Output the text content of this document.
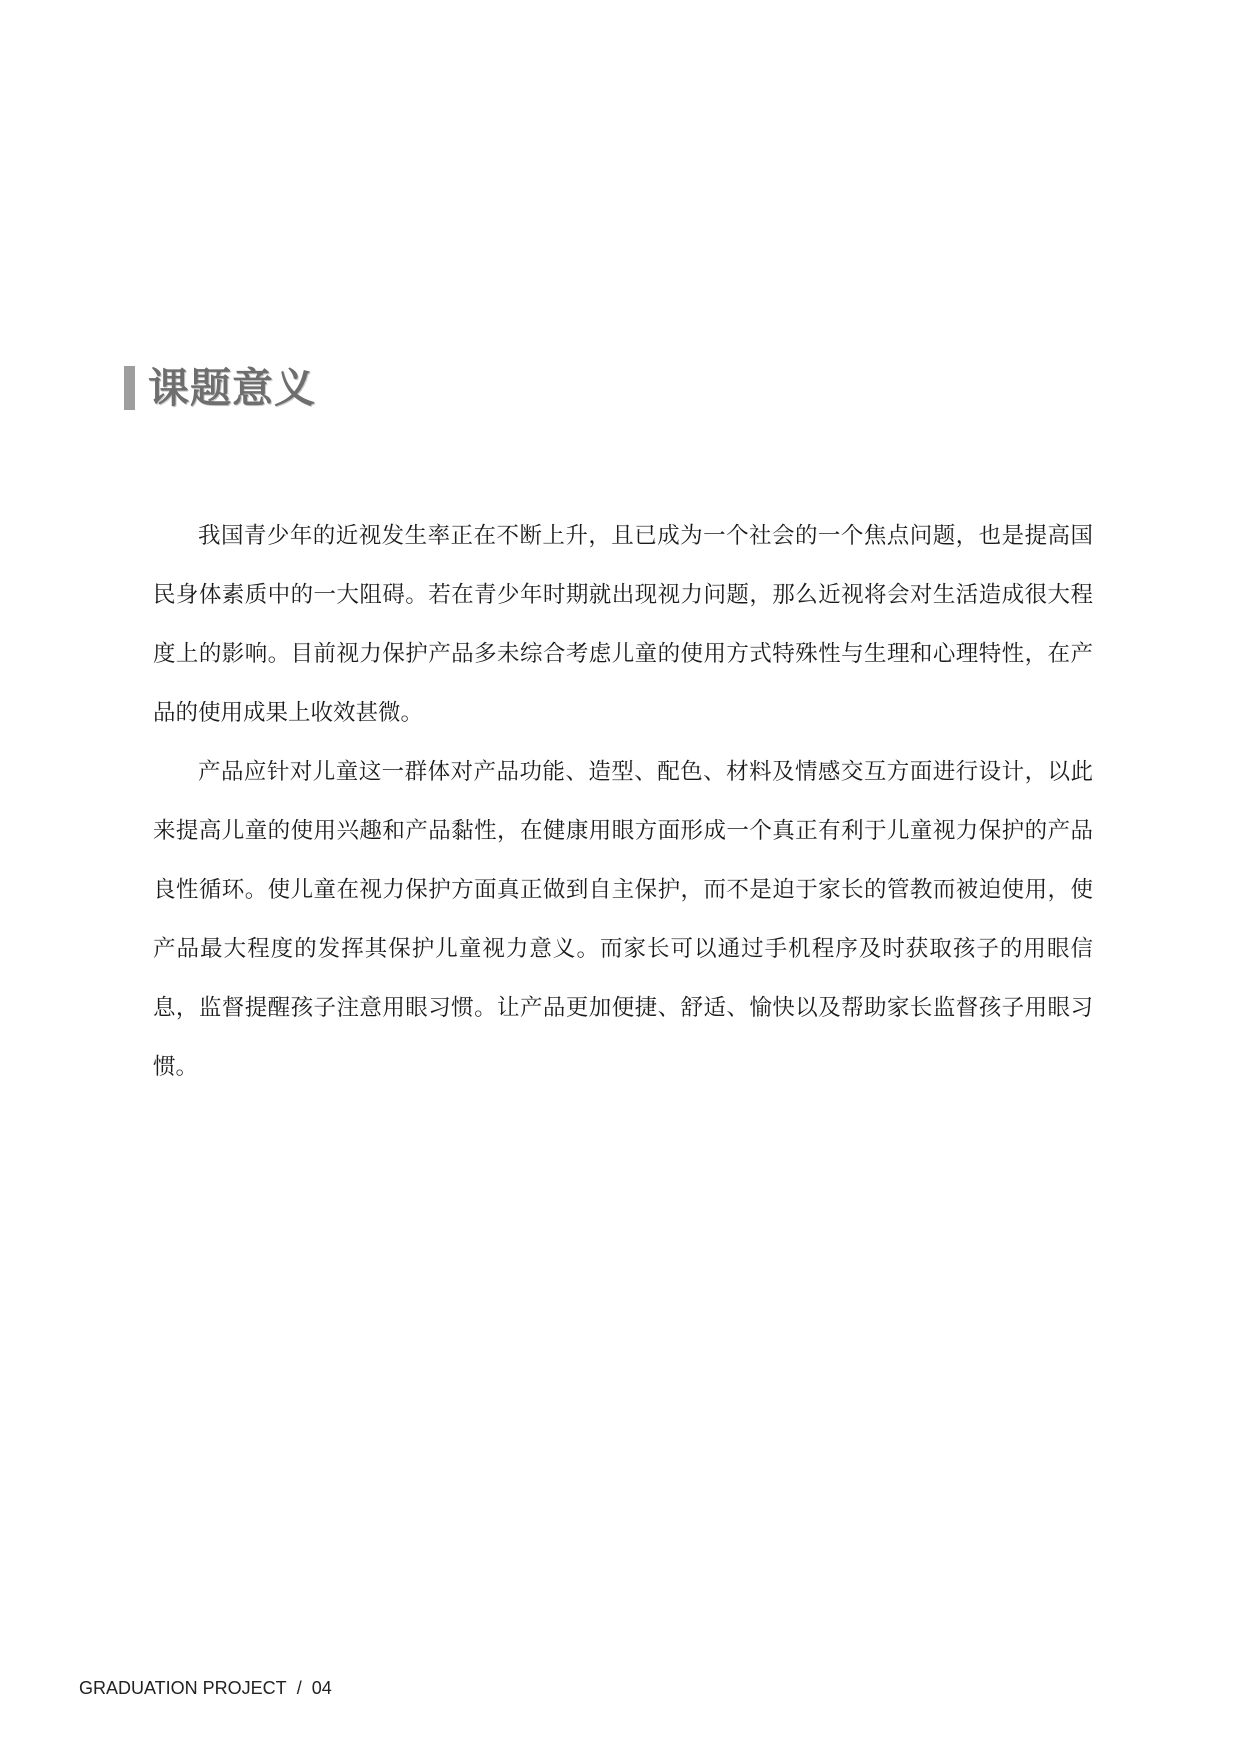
课题意义

我国青少年的近视发生率正在不断上升，且已成为一个社会的一个焦点问题，也是提高国民身体素质中的一大阻碍。若在青少年时期就出现视力问题，那么近视将会对生活造成很大程度上的影响。目前视力保护产品多未综合考虑儿童的使用方式特殊性与生理和心理特性，在产品的使用成果上收效甚微。

产品应针对儿童这一群体对产品功能、造型、配色、材料及情感交互方面进行设计，以此来提高儿童的使用兴趣和产品黏性，在健康用眼方面形成一个真正有利于儿童视力保护的产品良性循环。使儿童在视力保护方面真正做到自主保护，而不是迫于家长的管教而被迫使用，使产品最大程度的发挥其保护儿童视力意义。而家长可以通过手机程序及时获取孩子的用眼信息，监督提醒孩子注意用眼习惯。让产品更加便捷、舒适、愉快以及帮助家长监督孩子用眼习惯。

GRADUATION PROJECT / 04
